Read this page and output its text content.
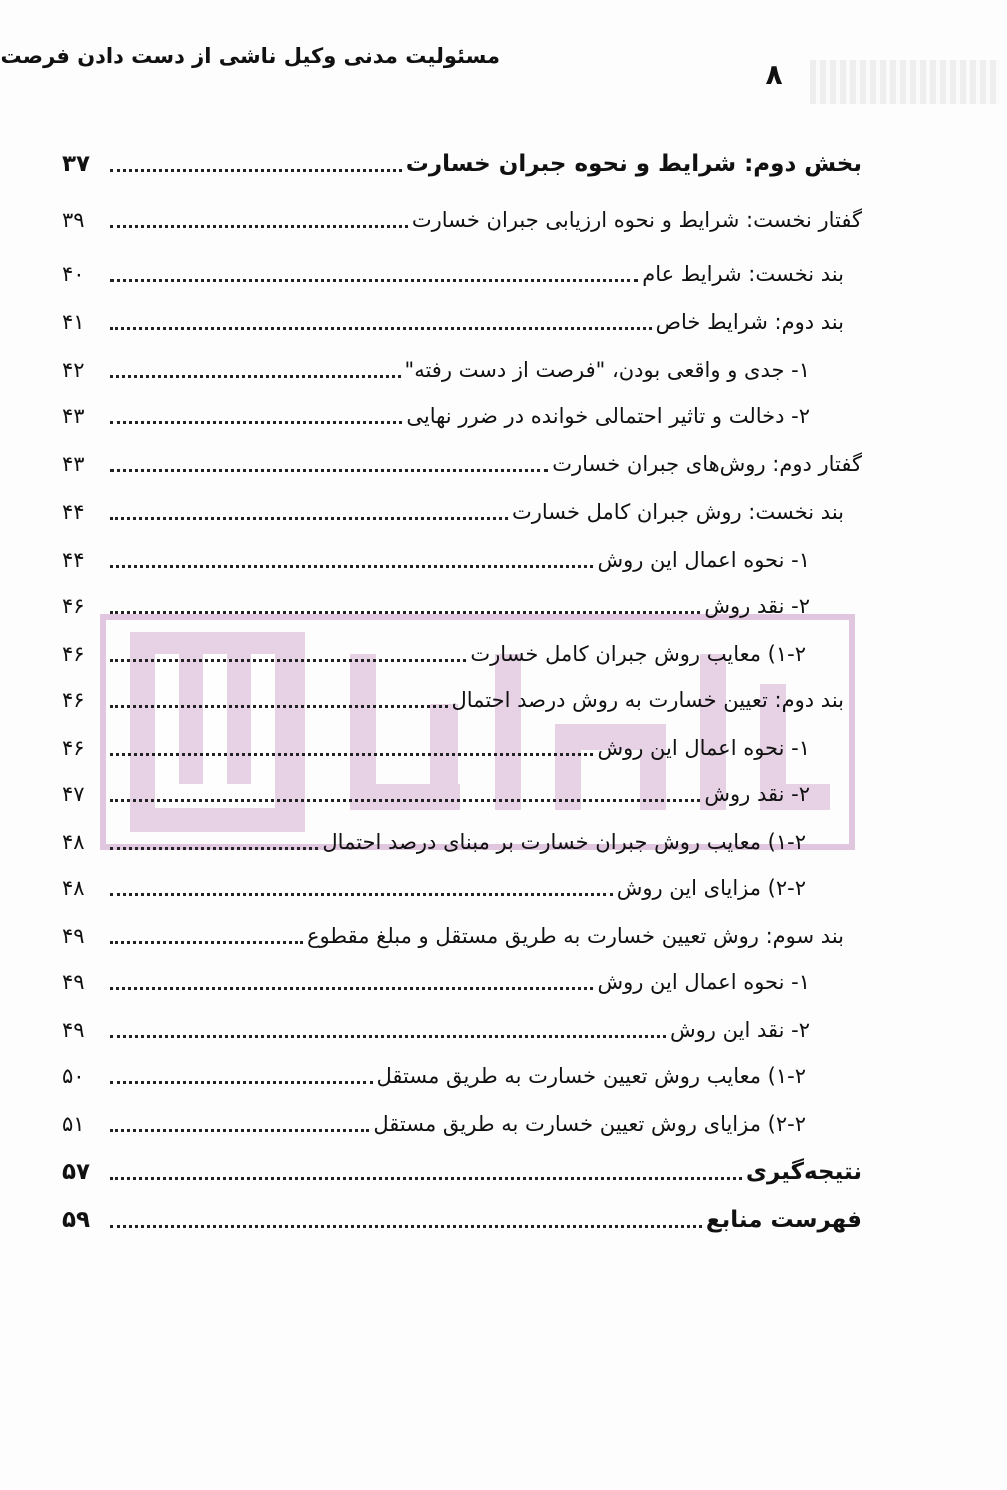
۸
مسئولیت مدنی وکیل ناشی از دست دادن فرصت
بخش دوم: شرایط و نحوه جبران خسارت
۳۷
گفتار نخست: شرایط و نحوه ارزیابی جبران خسارت
۳۹
بند نخست: شرایط عام
۴۰
بند دوم: شرایط خاص
۴۱
۱- جدی و واقعی بودن، "فرصت از دست رفته"
۴۲
۲- دخالت و تاثیر احتمالی خوانده در ضرر نهایی
۴۳
گفتار دوم: روش‌های جبران خسارت
۴۳
بند نخست: روش جبران کامل خسارت
۴۴
۱- نحوه اعمال این روش
۴۴
۲- نقد روش
۴۶
۱-۲) معایب روش جبران کامل خسارت
۴۶
بند دوم: تعیین خسارت به روش درصد احتمال
۴۶
۱- نحوه اعمال این روش
۴۶
۲- نقد روش
۴۷
۱-۲) معایب روش جبران خسارت بر مبنای درصد احتمال
۴۸
۲-۲) مزایای این روش
۴۸
بند سوم: روش تعیین خسارت به طریق مستقل و مبلغ مقطوع
۴۹
۱- نحوه اعمال این روش
۴۹
۲- نقد این روش
۴۹
۱-۲) معایب روش تعیین خسارت به طریق مستقل
۵۰
۲-۲) مزایای روش تعیین خسارت به طریق مستقل
۵۱
نتیجه‌گیری
۵۷
فهرست منابع
۵۹
